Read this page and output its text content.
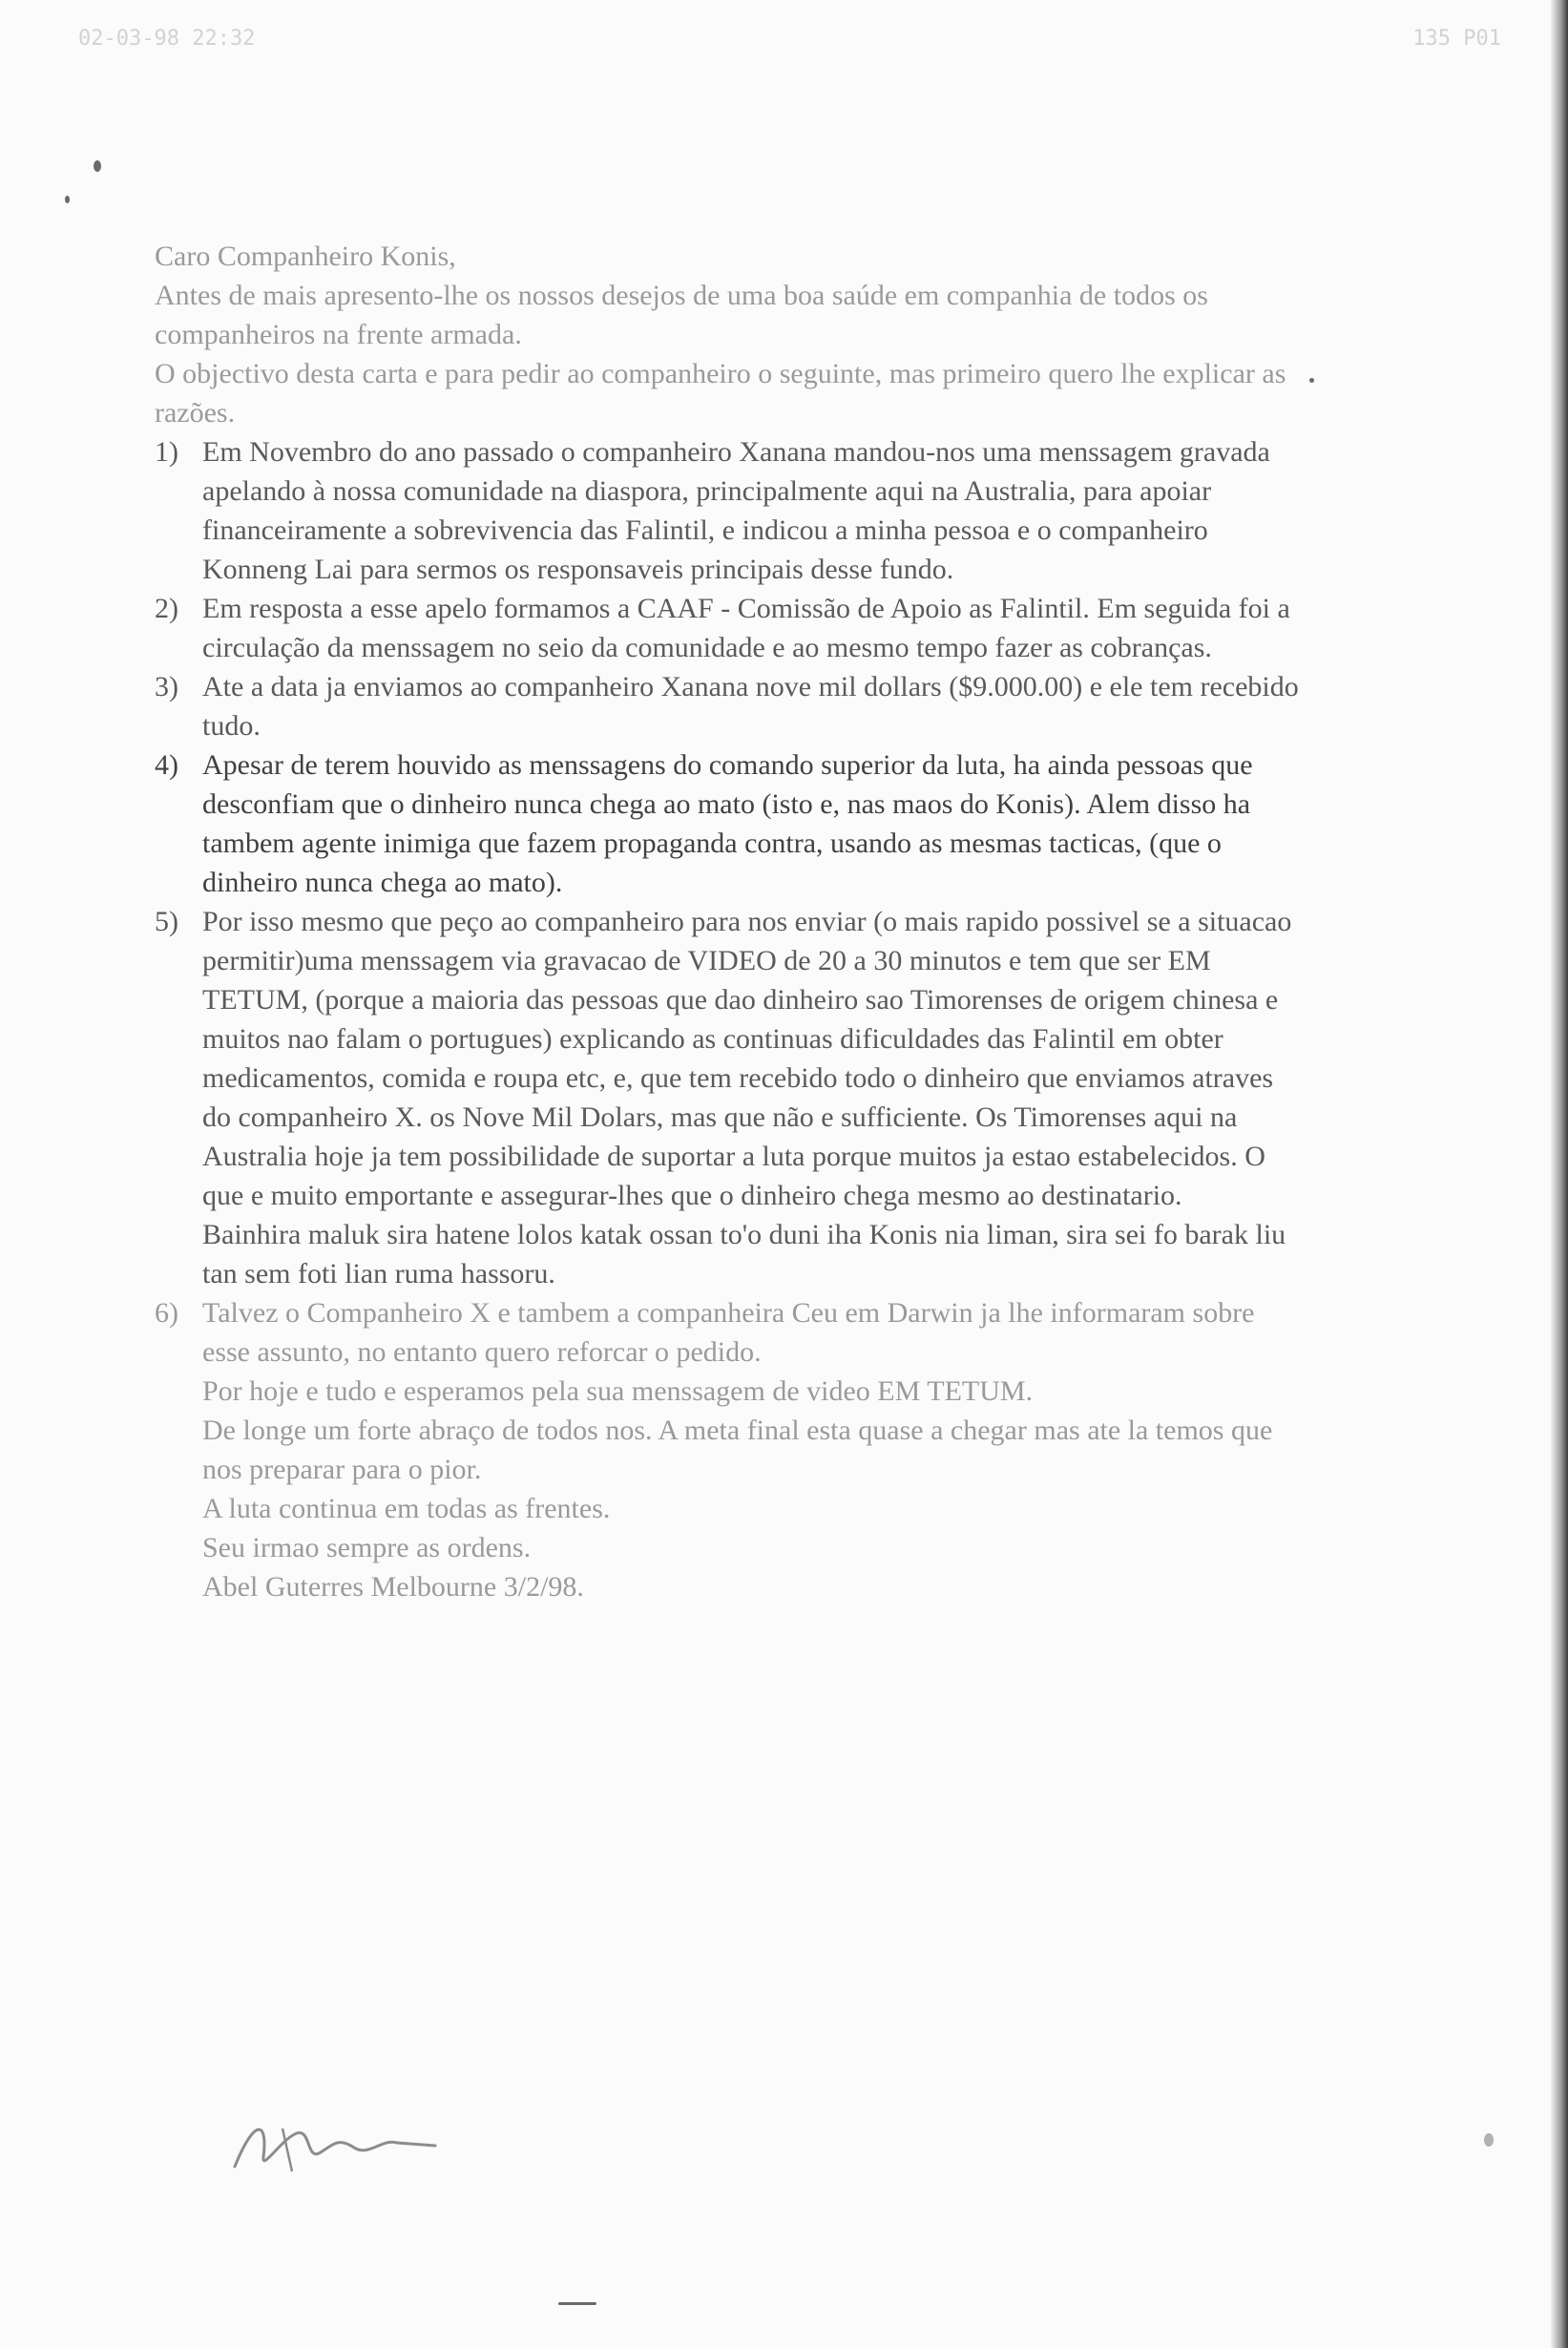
02-03-98 22:32	135 P01

Caro Companheiro Konis,

Antes de mais apresento-lhe os nossos desejos de uma boa saúde em companhia de todos os companheiros na frente armada.

O objectivo desta carta e para pedir ao companheiro o seguinte, mas primeiro quero lhe explicar as razões.

1) Em Novembro do ano passado o companheiro Xanana mandou-nos uma menssagem gravada apelando à nossa comunidade na diaspora, principalmente aqui na Australia, para apoiar financeiramente a sobrevivencia das Falintil, e indicou a minha pessoa e o companheiro Konneng Lai para sermos os responsaveis principais desse fundo.
2) Em resposta a esse apelo formamos a CAAF - Comissão de Apoio as Falintil. Em seguida foi a circulação da menssagem no seio da comunidade e ao mesmo tempo fazer as cobranças.
3) Ate a data ja enviamos ao companheiro Xanana nove mil dollars ($9.000.00) e ele tem recebido tudo.
4) Apesar de terem houvido as menssagens do comando superior da luta, ha ainda pessoas que desconfiam que o dinheiro nunca chega ao mato (isto e, nas maos do Konis). Alem disso ha tambem agente inimiga que fazem propaganda contra, usando as mesmas tacticas, (que o dinheiro nunca chega ao mato).
5) Por isso mesmo que peço ao companheiro para nos enviar (o mais rapido possivel se a situacao permitir)uma menssagem via gravacao de VIDEO de 20 a 30 minutos e tem que ser EM TETUM, (porque a maioria das pessoas que dao dinheiro sao Timorenses de origem chinesa e muitos nao falam o portugues) explicando as continuas dificuldades das Falintil em obter medicamentos, comida e roupa etc, e, que tem recebido todo o dinheiro que enviamos atraves do companheiro X. os Nove Mil Dolars, mas que não e sufficiente. Os Timorenses aqui na Australia hoje ja tem possibilidade de suportar a luta porque muitos ja estao estabelecidos. O que e muito emportante e assegurar-lhes que o dinheiro chega mesmo ao destinatario.

Bainhira maluk sira hatene lolos katak ossan to'o duni iha Konis nia liman, sira sei fo barak liu tan sem foti lian ruma hassoru.

6) Talvez o Companheiro X e tambem a companheira Ceu em Darwin ja lhe informaram sobre esse assunto, no entanto quero reforcar o pedido.

Por hoje e tudo e esperamos pela sua menssagem de video EM TETUM.

De longe um forte abraço de todos nos. A meta final esta quase a chegar mas ate la temos que nos preparar para o pior.

A luta continua em todas as frentes.

Seu irmao sempre as ordens.

Abel Guterres Melbourne 3/2/98.
